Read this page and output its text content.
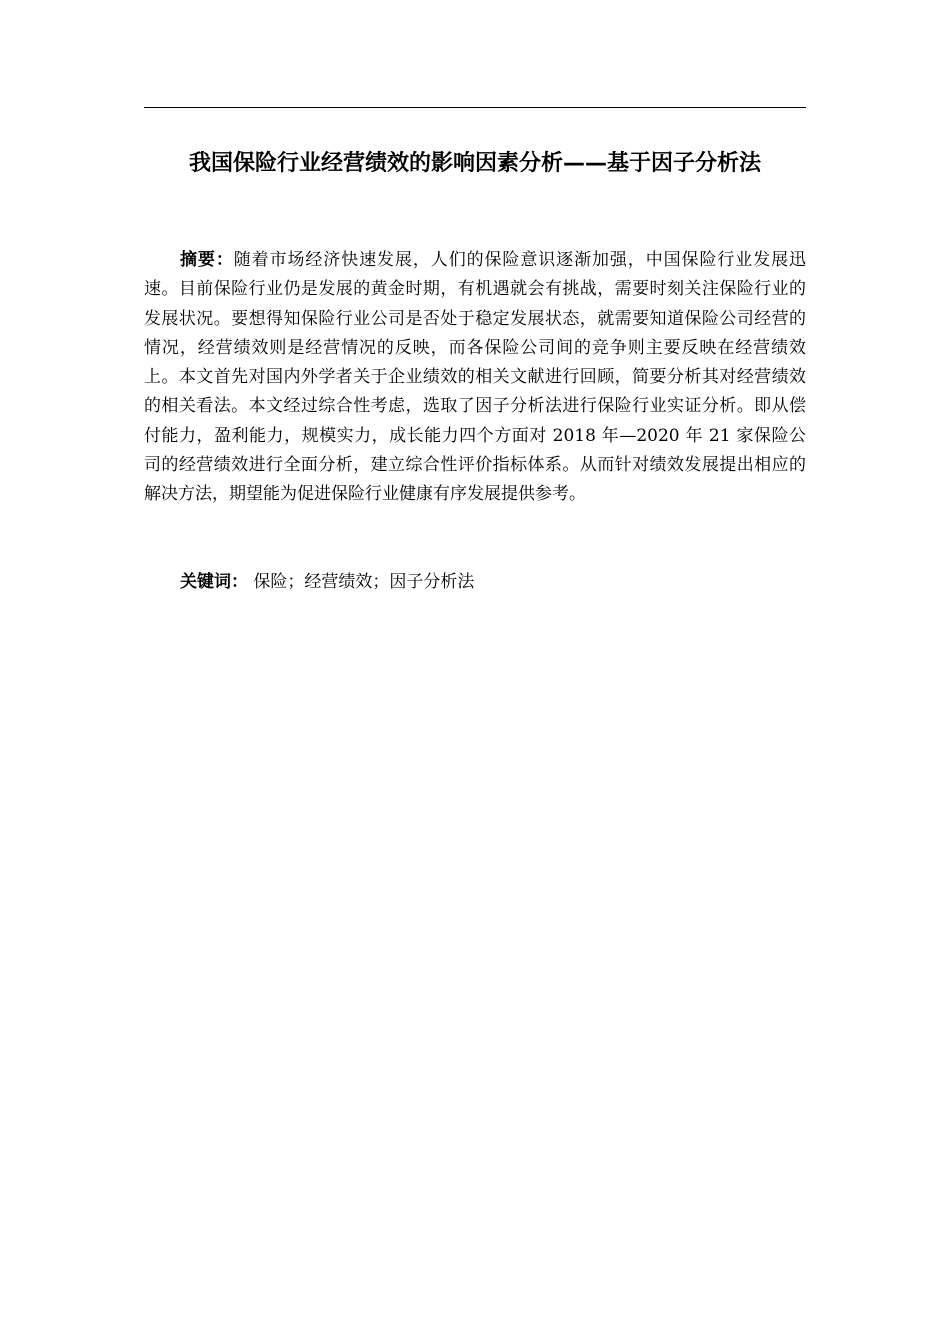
我国保险行业经营绩效的影响因素分析——基于因子分析法

摘要：随着市场经济快速发展，人们的保险意识逐渐加强，中国保险行业发展迅速。目前保险行业仍是发展的黄金时期，有机遇就会有挑战，需要时刻关注保险行业的发展状况。要想得知保险行业公司是否处于稳定发展状态，就需要知道保险公司经营的情况，经营绩效则是经营情况的反映，而各保险公司间的竞争则主要反映在经营绩效上。本文首先对国内外学者关于企业绩效的相关文献进行回顾，简要分析其对经营绩效的相关看法。本文经过综合性考虑，选取了因子分析法进行保险行业实证分析。即从偿付能力，盈利能力，规模实力，成长能力四个方面对 2018 年—2020 年 21 家保险公司的经营绩效进行全面分析，建立综合性评价指标体系。从而针对绩效发展提出相应的解决方法，期望能为促进保险行业健康有序发展提供参考。

关键词： 保险；经营绩效；因子分析法
